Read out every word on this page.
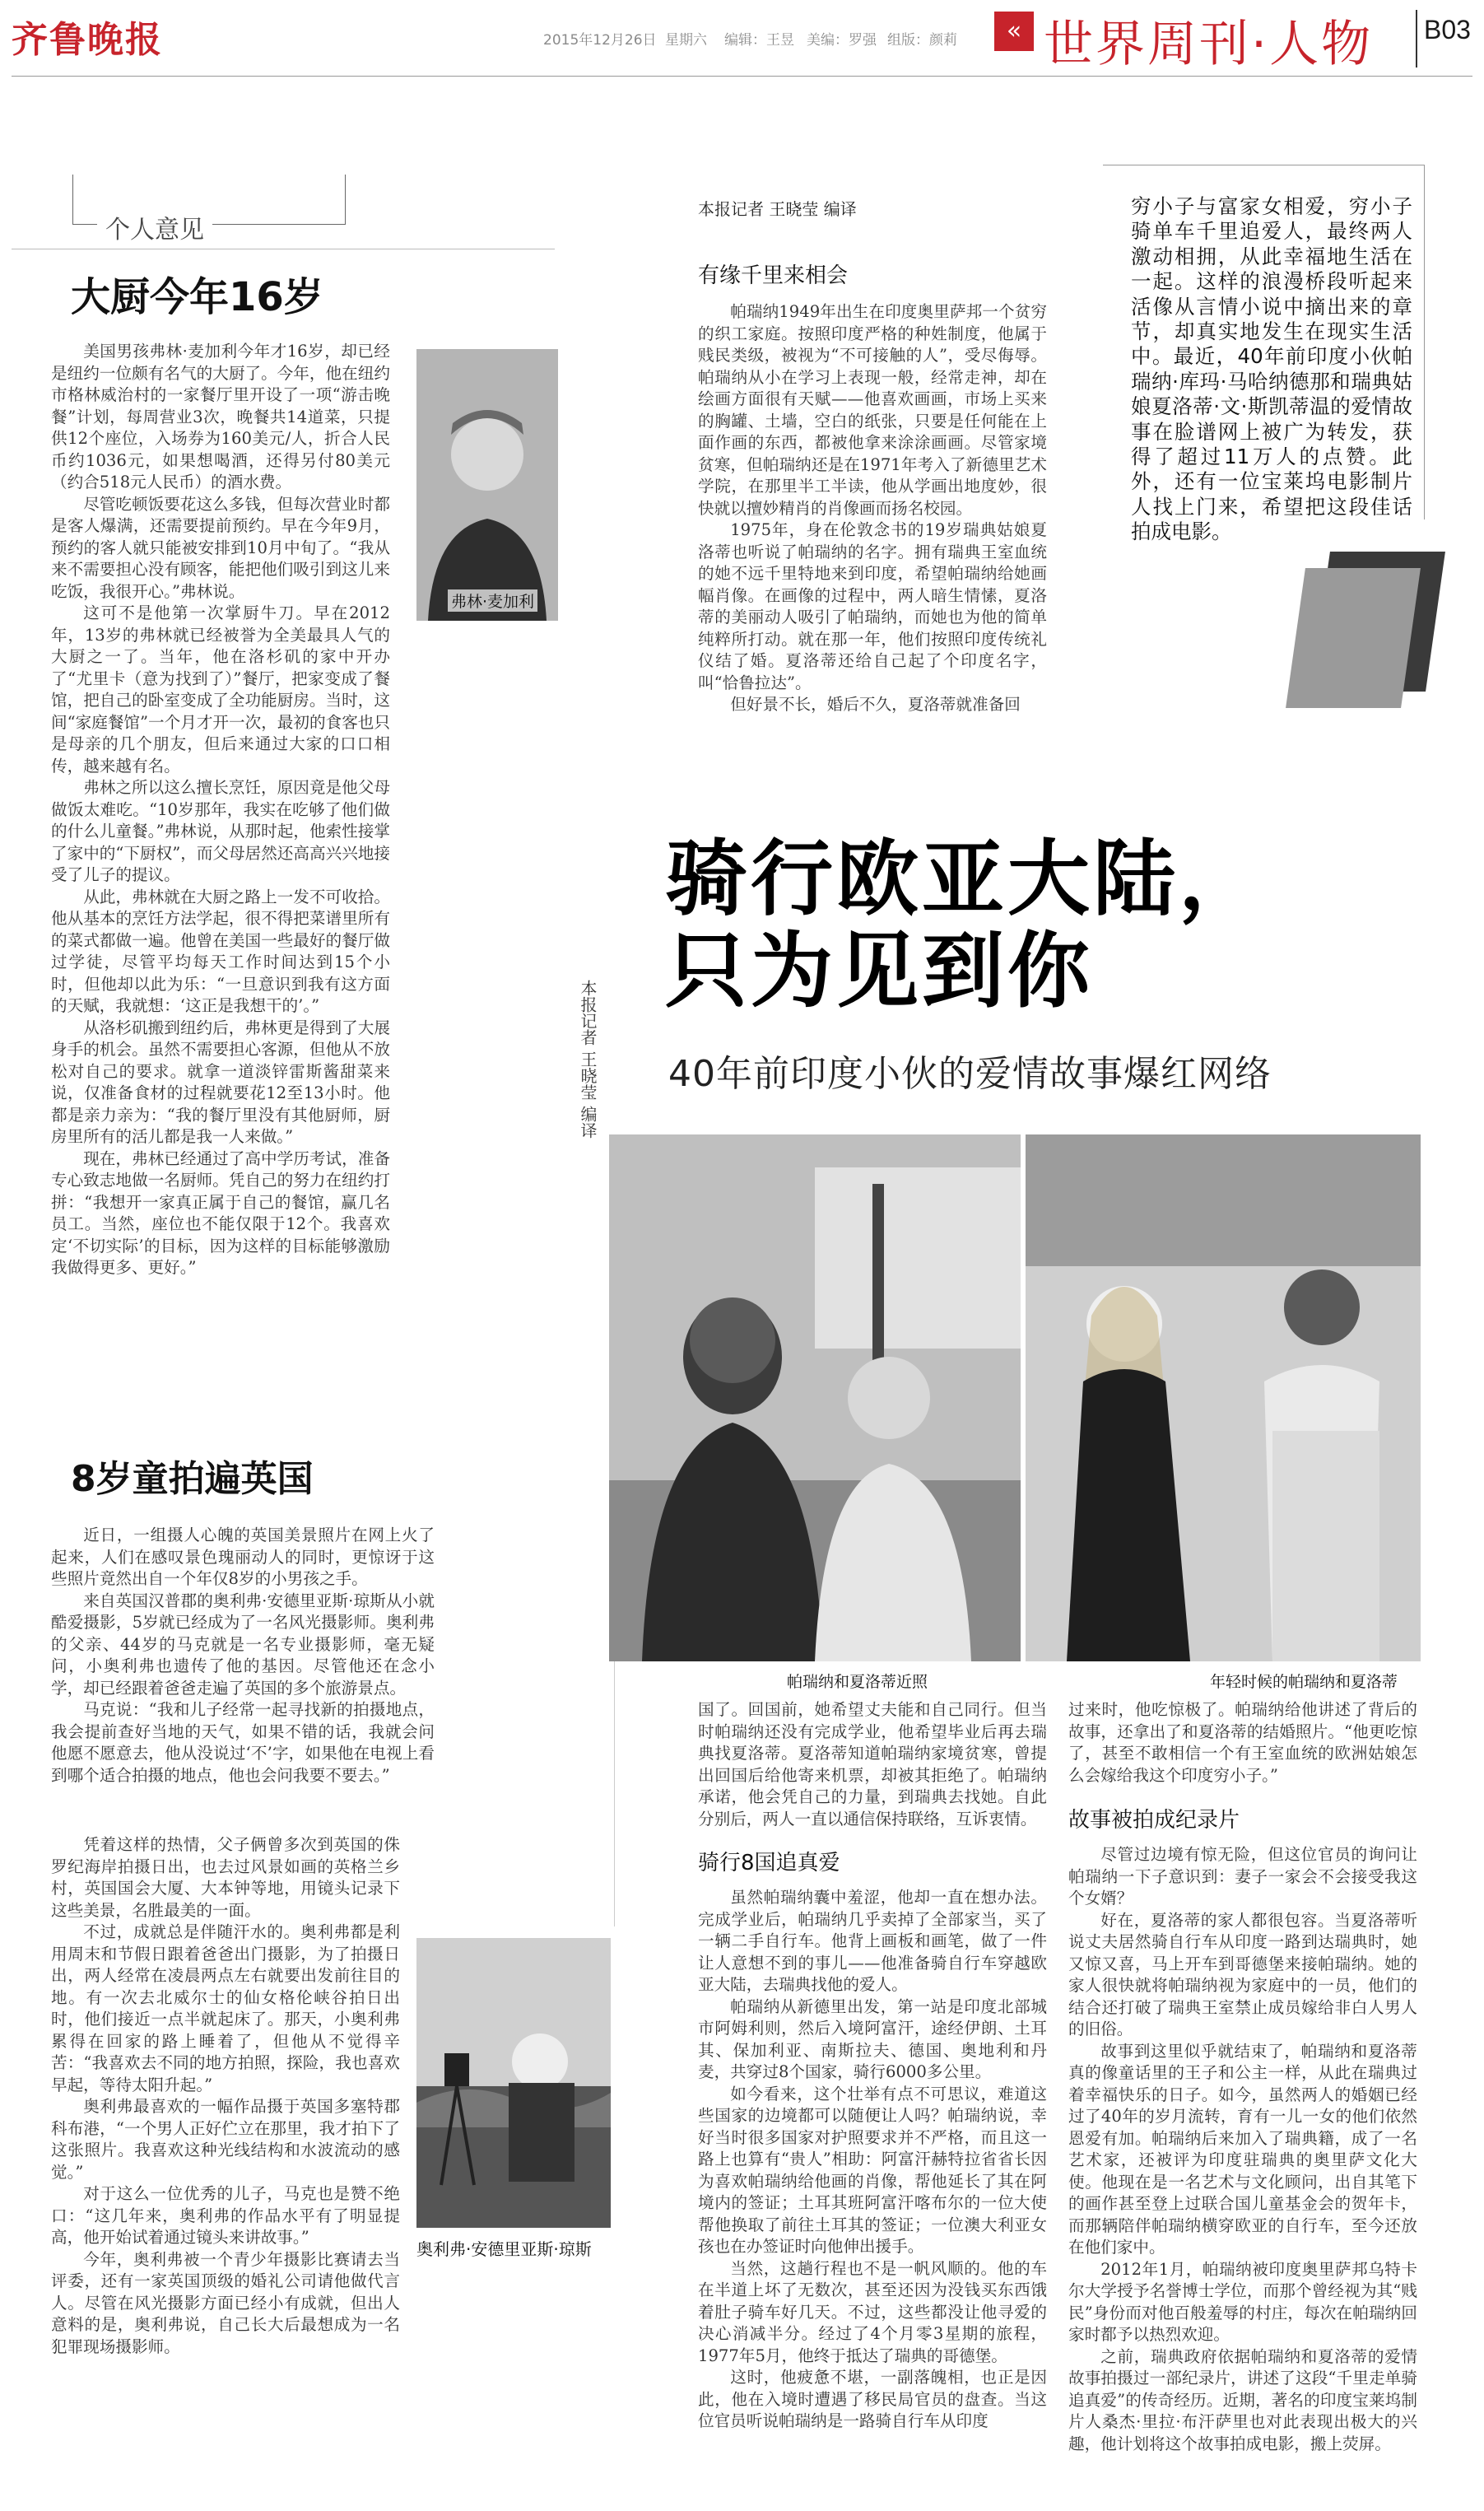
齐鲁晚报	2015年12月26日 星期六 编辑：王昱 美编：罗强 组版：颜莉	« 世界周刊·人物 B03
个人意见
大厨今年16岁

美国男孩弗林·麦加利今年才16岁，却已经是纽约一位颇有名气的大厨了。今年，他在纽约市格林威治村的一家餐厅里开设了一项“游击晚餐”计划，每周营业3次，晚餐共14道菜，只提供12个座位，入场券为160美元/人，折合人民币约1036元，如果想喝酒，还得另付80美元（约合518元人民币）的酒水费。

尽管吃顿饭要花这么多钱，但每次营业时都是客人爆满，还需要提前预约。早在今年9月，预约的客人就只能被安排到10月中旬了。“我从来不需要担心没有顾客，能把他们吸引到这儿来吃饭，我很开心。”弗林说。

这可不是他第一次掌厨牛刀。早在2012年，13岁的弗林就已经被誉为全美最具人气的大厨之一了。当年，他在洛杉矶的家中开办了“尤里卡（意为找到了）”餐厅，把家变成了餐馆，把自己的卧室变成了全功能厨房。当时，这间“家庭餐馆”一个月才开一次，最初的食客也只是母亲的几个朋友，但后来通过大家的口口相传，越来越有名。

弗林之所以这么擅长烹饪，原因竟是他父母做饭太难吃。“10岁那年，我实在吃够了他们做的什么儿童餐。”弗林说，从那时起，他索性接掌了家中的“下厨权”，而父母居然还高高兴兴地接受了儿子的提议。

从此，弗林就在大厨之路上一发不可收拾。他从基本的烹饪方法学起，很不得把菜谱里所有的菜式都做一遍。他曾在美国一些最好的餐厅做过学徒，尽管平均每天工作时间达到15个小时，但他却以此为乐：“一旦意识到我有这方面的天赋，我就想：‘这正是我想干的’。”

从洛杉矶搬到纽约后，弗林更是得到了大展身手的机会。虽然不需要担心客源，但他从不放松对自己的要求。就拿一道淡锌雷斯酱甜菜来说，仅准备食材的过程就要花12至13小时。他都是亲力亲为：“我的餐厅里没有其他厨师，厨房里所有的活儿都是我一人来做。”

现在，弗林已经通过了高中学历考试，准备专心致志地做一名厨师。凭自己的努力在纽约打拼：“我想开一家真正属于自己的餐馆，赢几名员工。当然，座位也不能仅限于12个。我喜欢定‘不切实际’的目标，因为这样的目标能够激励我做得更多、更好。”

弗林·麦加利
8岁童拍遍英国

近日，一组摄人心魄的英国美景照片在网上火了起来，人们在感叹景色瑰丽动人的同时，更惊讶于这些照片竟然出自一个年仅8岁的小男孩之手。

来自英国汉普郡的奥利弗·安德里亚斯·琼斯从小就酷爱摄影，5岁就已经成为了一名风光摄影师。奥利弗的父亲、44岁的马克就是一名专业摄影师，毫无疑问，小奥利弗也遗传了他的基因。尽管他还在念小学，却已经跟着爸爸走遍了英国的多个旅游景点。

马克说：“我和儿子经常一起寻找新的拍摄地点，我会提前查好当地的天气，如果不错的话，我就会问他愿不愿意去，他从没说过‘不’字，如果他在电视上看到哪个适合拍摄的地点，他也会问我要不要去。”

凭着这样的热情，父子俩曾多次到英国的侏罗纪海岸拍摄日出，也去过风景如画的英格兰乡村，英国国会大厦、大本钟等地，用镜头记录下这些美景，名胜最美的一面。

不过，成就总是伴随汗水的。奥利弗都是利用周末和节假日跟着爸爸出门摄影，为了拍摄日出，两人经常在凌晨两点左右就要出发前往目的地。有一次去北威尔士的仙女格伦峡谷拍日出时，他们接近一点半就起床了。那天，小奥利弗累得在回家的路上睡着了，但他从不觉得辛苦：“我喜欢去不同的地方拍照，探险，我也喜欢早起，等待太阳升起。”

奥利弗最喜欢的一幅作品摄于英国多塞特郡科布港，“一个男人正好伫立在那里，我才拍下了这张照片。我喜欢这种光线结构和水波流动的感觉。”

对于这么一位优秀的儿子，马克也是赞不绝口：“这几年来，奥利弗的作品水平有了明显提高，他开始试着通过镜头来讲故事。”

今年，奥利弗被一个青少年摄影比赛请去当评委，还有一家英国顶级的婚礼公司请他做代言人。尽管在风光摄影方面已经小有成就，但出人意料的是，奥利弗说，自己长大后最想成为一名犯罪现场摄影师。

奥利弗·安德里亚斯·琼斯
本报记者 王晓莹 编译
本报记者 王晓莹 编译
有缘千里来相会

帕瑞纳1949年出生在印度奥里萨邦一个贫穷的织工家庭。按照印度严格的种姓制度，他属于贱民类级，被视为“不可接触的人”，受尽侮辱。帕瑞纳从小在学习上表现一般，经常走神，却在绘画方面很有天赋——他喜欢画画，市场上买来的胸罐、土墙，空白的纸张，只要是任何能在上面作画的东西，都被他拿来涂涂画画。尽管家境贫寒，但帕瑞纳还是在1971年考入了新德里艺术学院，在那里半工半读，他从学画出地度妙，很快就以擅妙精肖的肖像画而扬名校园。

1975年，身在伦敦念书的19岁瑞典姑娘夏洛蒂也听说了帕瑞纳的名字。拥有瑞典王室血统的她不远千里特地来到印度，希望帕瑞纳给她画幅肖像。在画像的过程中，两人暗生情愫，夏洛蒂的美丽动人吸引了帕瑞纳，而她也为他的简单纯粹所打动。就在那一年，他们按照印度传统礼仪结了婚。夏洛蒂还给自己起了个印度名字，叫“恰鲁拉达”。

但好景不长，婚后不久，夏洛蒂就准备回

穷小子与富家女相爱，穷小子骑单车千里追爱人，最终两人激动相拥，从此幸福地生活在一起。这样的浪漫桥段听起来活像从言情小说中摘出来的章节，却真实地发生在现实生活中。最近，40年前印度小伙帕瑞纳·库玛·马哈纳德那和瑞典姑娘夏洛蒂·文·斯凯蒂温的爱情故事在脸谱网上被广为转发，获得了超过11万人的点赞。此外，还有一位宝莱坞电影制片人找上门来，希望把这段佳话拍成电影。
骑行欧亚大陆，
只为见到你
40年前印度小伙的爱情故事爆红网络
帕瑞纳和夏洛蒂近照	年轻时候的帕瑞纳和夏洛蒂

国了。回国前，她希望丈夫能和自己同行。但当时帕瑞纳还没有完成学业，他希望毕业后再去瑞典找夏洛蒂。夏洛蒂知道帕瑞纳家境贫寒，曾提出回国后给他寄来机票，却被其拒绝了。帕瑞纳承诺，他会凭自己的力量，到瑞典去找她。自此分别后，两人一直以通信保持联络，互诉衷情。

骑行8国追真爱

虽然帕瑞纳囊中羞涩，他却一直在想办法。完成学业后，帕瑞纳几乎卖掉了全部家当，买了一辆二手自行车。他背上画板和画笔，做了一件让人意想不到的事儿——他准备骑自行车穿越欧亚大陆，去瑞典找他的爱人。

帕瑞纳从新德里出发，第一站是印度北部城市阿姆利则，然后入境阿富汗，途经伊朗、土耳其、保加利亚、南斯拉夫、德国、奥地利和丹麦，共穿过8个国家，骑行6000多公里。

如今看来，这个壮举有点不可思议，难道这些国家的边境都可以随便让人吗？帕瑞纳说，幸好当时很多国家对护照要求并不严格，而且这一路上也算有“贵人”相助：阿富汗赫特拉省省长因为喜欢帕瑞纳给他画的肖像，帮他延长了其在阿境内的签证；土耳其班阿富汗喀布尔的一位大使帮他换取了前往土耳其的签证；一位澳大利亚女孩也在办签证时向他伸出援手。

当然，这趟行程也不是一帆风顺的。他的车在半道上坏了无数次，甚至还因为没钱买东西饿着肚子骑车好几天。不过，这些都没让他寻爱的决心消减半分。经过了4个月零3星期的旅程，1977年5月，他终于抵达了瑞典的哥德堡。

这时，他疲惫不堪，一副落魄相，也正是因此，他在入境时遭遇了移民局官员的盘查。当这位官员听说帕瑞纳是一路骑自行车从印度

过来时，他吃惊极了。帕瑞纳给他讲述了背后的故事，还拿出了和夏洛蒂的结婚照片。“他更吃惊了，甚至不敢相信一个有王室血统的欧洲姑娘怎么会嫁给我这个印度穷小子。”

故事被拍成纪录片

尽管过边境有惊无险，但这位官员的询问让帕瑞纳一下子意识到：妻子一家会不会接受我这个女婿？

好在，夏洛蒂的家人都很包容。当夏洛蒂听说丈夫居然骑自行车从印度一路到达瑞典时，她又惊又喜，马上开车到哥德堡来接帕瑞纳。她的家人很快就将帕瑞纳视为家庭中的一员，他们的结合还打破了瑞典王室禁止成员嫁给非白人男人的旧俗。

故事到这里似乎就结束了，帕瑞纳和夏洛蒂真的像童话里的王子和公主一样，从此在瑞典过着幸福快乐的日子。如今，虽然两人的婚姻已经过了40年的岁月流转，育有一儿一女的他们依然恩爱有加。帕瑞纳后来加入了瑞典籍，成了一名艺术家，还被评为印度驻瑞典的奥里萨文化大使。他现在是一名艺术与文化顾问，出自其笔下的画作甚至登上过联合国儿童基金会的贺年卡，而那辆陪伴帕瑞纳横穿欧亚的自行车，至今还放在他们家中。

2012年1月，帕瑞纳被印度奥里萨邦乌特卡尔大学授予名誉博士学位，而那个曾经视为其“贱民”身份而对他百般羞辱的村庄，每次在帕瑞纳回家时都予以热烈欢迎。

之前，瑞典政府依据帕瑞纳和夏洛蒂的爱情故事拍摄过一部纪录片，讲述了这段“千里走单骑追真爱”的传奇经历。近期，著名的印度宝莱坞制片人桑杰·里拉·布汗萨里也对此表现出极大的兴趣，他计划将这个故事拍成电影，搬上荧屏。
